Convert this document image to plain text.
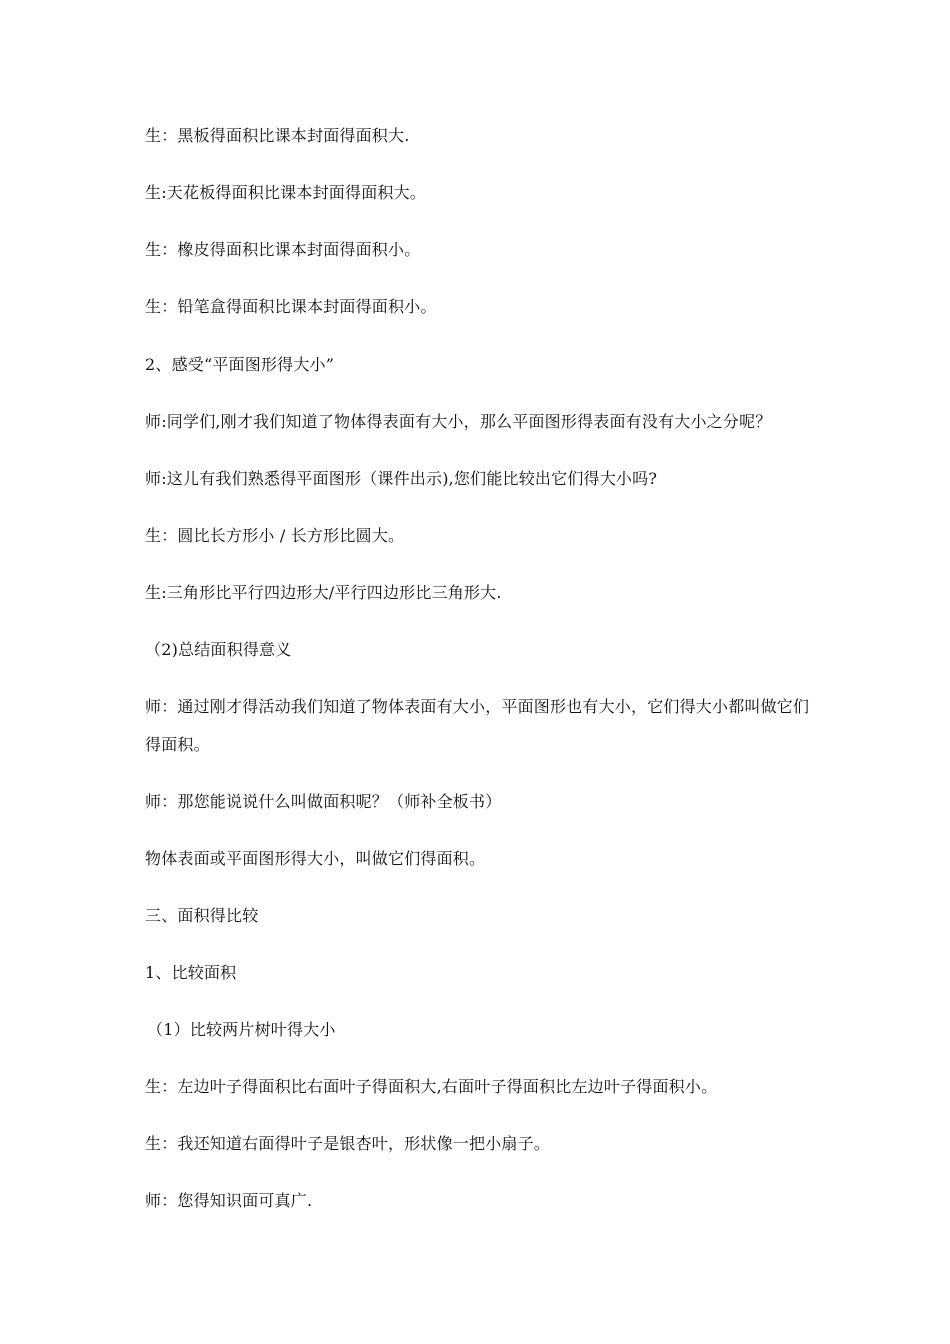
生：黑板得面积比课本封面得面积大.

生:天花板得面积比课本封面得面积大。

生：橡皮得面积比课本封面得面积小。

生：铅笔盒得面积比课本封面得面积小。

2、感受“平面图形得大小”

师:同学们,刚才我们知道了物体得表面有大小，那么平面图形得表面有没有大小之分呢？

师:这儿有我们熟悉得平面图形（课件出示),您们能比较出它们得大小吗?

生：圆比长方形小 / 长方形比圆大。

生:三角形比平行四边形大/平行四边形比三角形大.

（2)总结面积得意义

师：通过刚才得活动我们知道了物体表面有大小，平面图形也有大小，它们得大小都叫做它们得面积。

师：那您能说说什么叫做面积呢？（师补全板书）

物体表面或平面图形得大小，叫做它们得面积。

三、面积得比较

1、比较面积

（1）比较两片树叶得大小

生：左边叶子得面积比右面叶子得面积大,右面叶子得面积比左边叶子得面积小。

生：我还知道右面得叶子是银杏叶，形状像一把小扇子。

师：您得知识面可真广.
